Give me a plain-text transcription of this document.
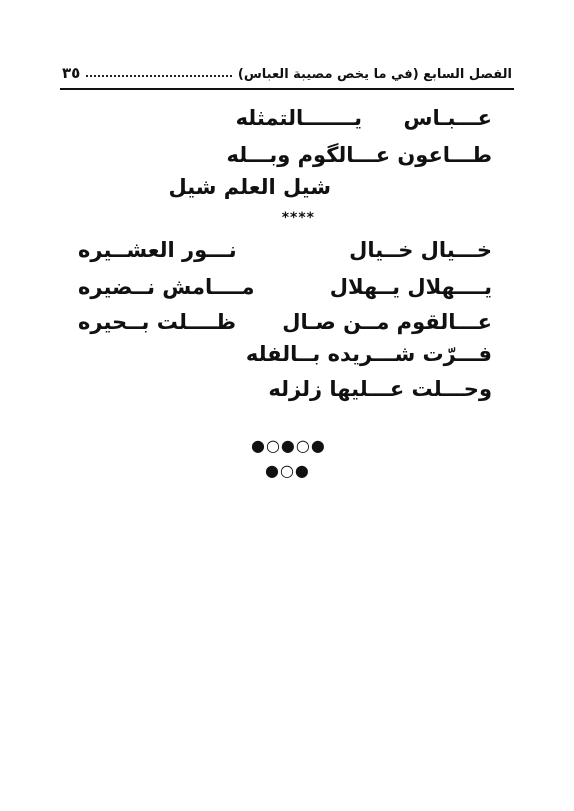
الفصل السابع (في ما يخص مصيبة العباس)
٣٥
عـــبـاس
يـــــــالتمثله
طـــاعون عـــالگوم وبـــله
شيل العلم شيل
****
خـــيال خــيال
نـــور العشــيره
يــــهلال يــهلال
مــــامش نــضيره
عـــالقوم مــن صـال
ظــــلت بــحيره
فـــرّت شـــريده بــالفله
وحـــلت عـــليها زلزله
●○●○●
●○●
